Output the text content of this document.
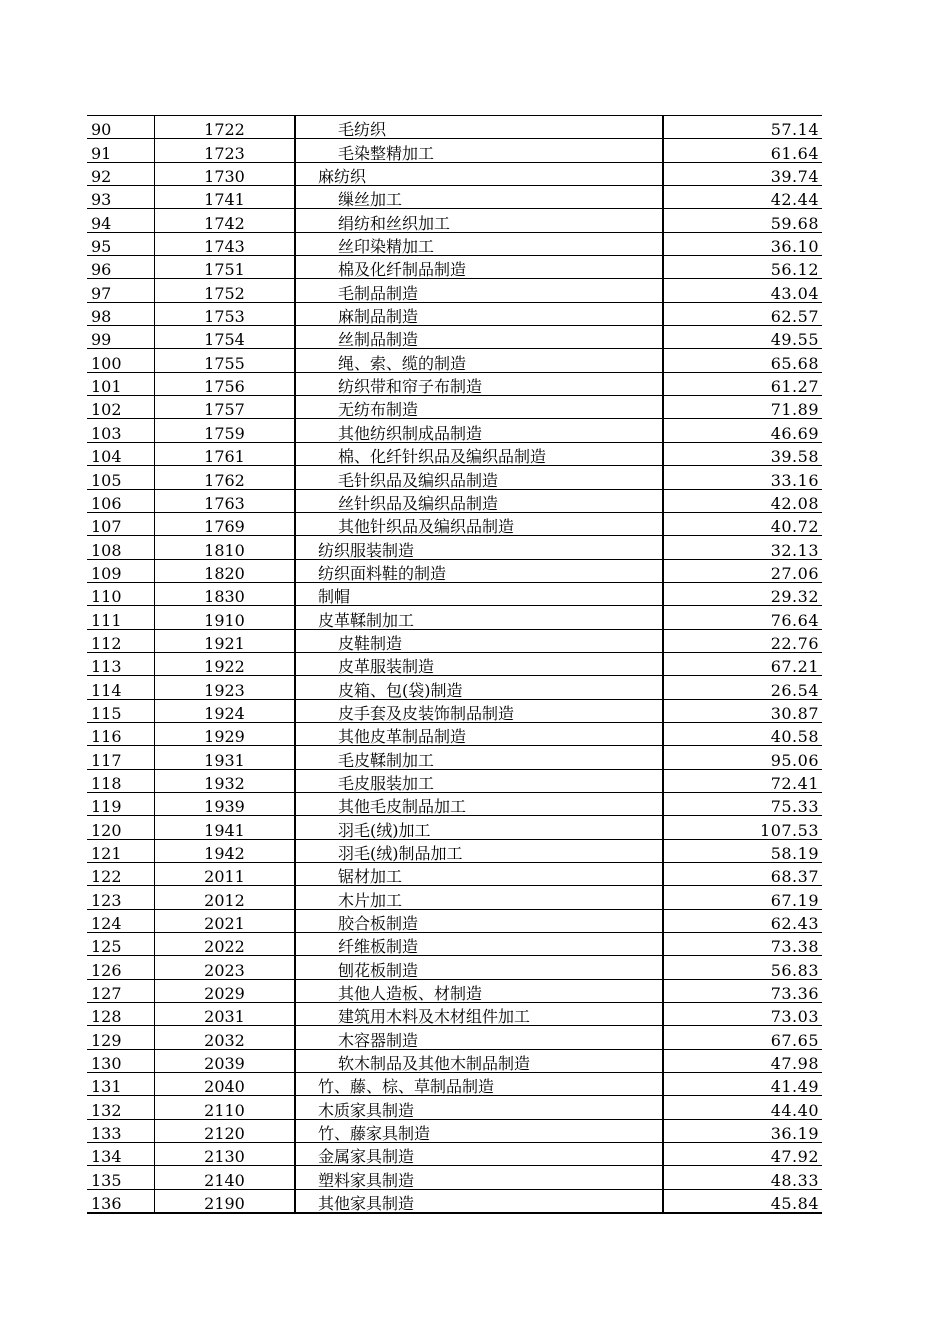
90	1722	毛纺织	57.14
91	1723	毛染整精加工	61.64
92	1730	麻纺织	39.74
93	1741	缫丝加工	42.44
94	1742	绢纺和丝织加工	59.68
95	1743	丝印染精加工	36.10
96	1751	棉及化纤制品制造	56.12
97	1752	毛制品制造	43.04
98	1753	麻制品制造	62.57
99	1754	丝制品制造	49.55
100	1755	绳、索、缆的制造	65.68
101	1756	纺织带和帘子布制造	61.27
102	1757	无纺布制造	71.89
103	1759	其他纺织制成品制造	46.69
104	1761	棉、化纤针织品及编织品制造	39.58
105	1762	毛针织品及编织品制造	33.16
106	1763	丝针织品及编织品制造	42.08
107	1769	其他针织品及编织品制造	40.72
108	1810	纺织服装制造	32.13
109	1820	纺织面料鞋的制造	27.06
110	1830	制帽	29.32
111	1910	皮革鞣制加工	76.64
112	1921	皮鞋制造	22.76
113	1922	皮革服装制造	67.21
114	1923	皮箱、包(袋)制造	26.54
115	1924	皮手套及皮装饰制品制造	30.87
116	1929	其他皮革制品制造	40.58
117	1931	毛皮鞣制加工	95.06
118	1932	毛皮服装加工	72.41
119	1939	其他毛皮制品加工	75.33
120	1941	羽毛(绒)加工	107.53
121	1942	羽毛(绒)制品加工	58.19
122	2011	锯材加工	68.37
123	2012	木片加工	67.19
124	2021	胶合板制造	62.43
125	2022	纤维板制造	73.38
126	2023	刨花板制造	56.83
127	2029	其他人造板、材制造	73.36
128	2031	建筑用木料及木材组件加工	73.03
129	2032	木容器制造	67.65
130	2039	软木制品及其他木制品制造	47.98
131	2040	竹、藤、棕、草制品制造	41.49
132	2110	木质家具制造	44.40
133	2120	竹、藤家具制造	36.19
134	2130	金属家具制造	47.92
135	2140	塑料家具制造	48.33
136	2190	其他家具制造	45.84
